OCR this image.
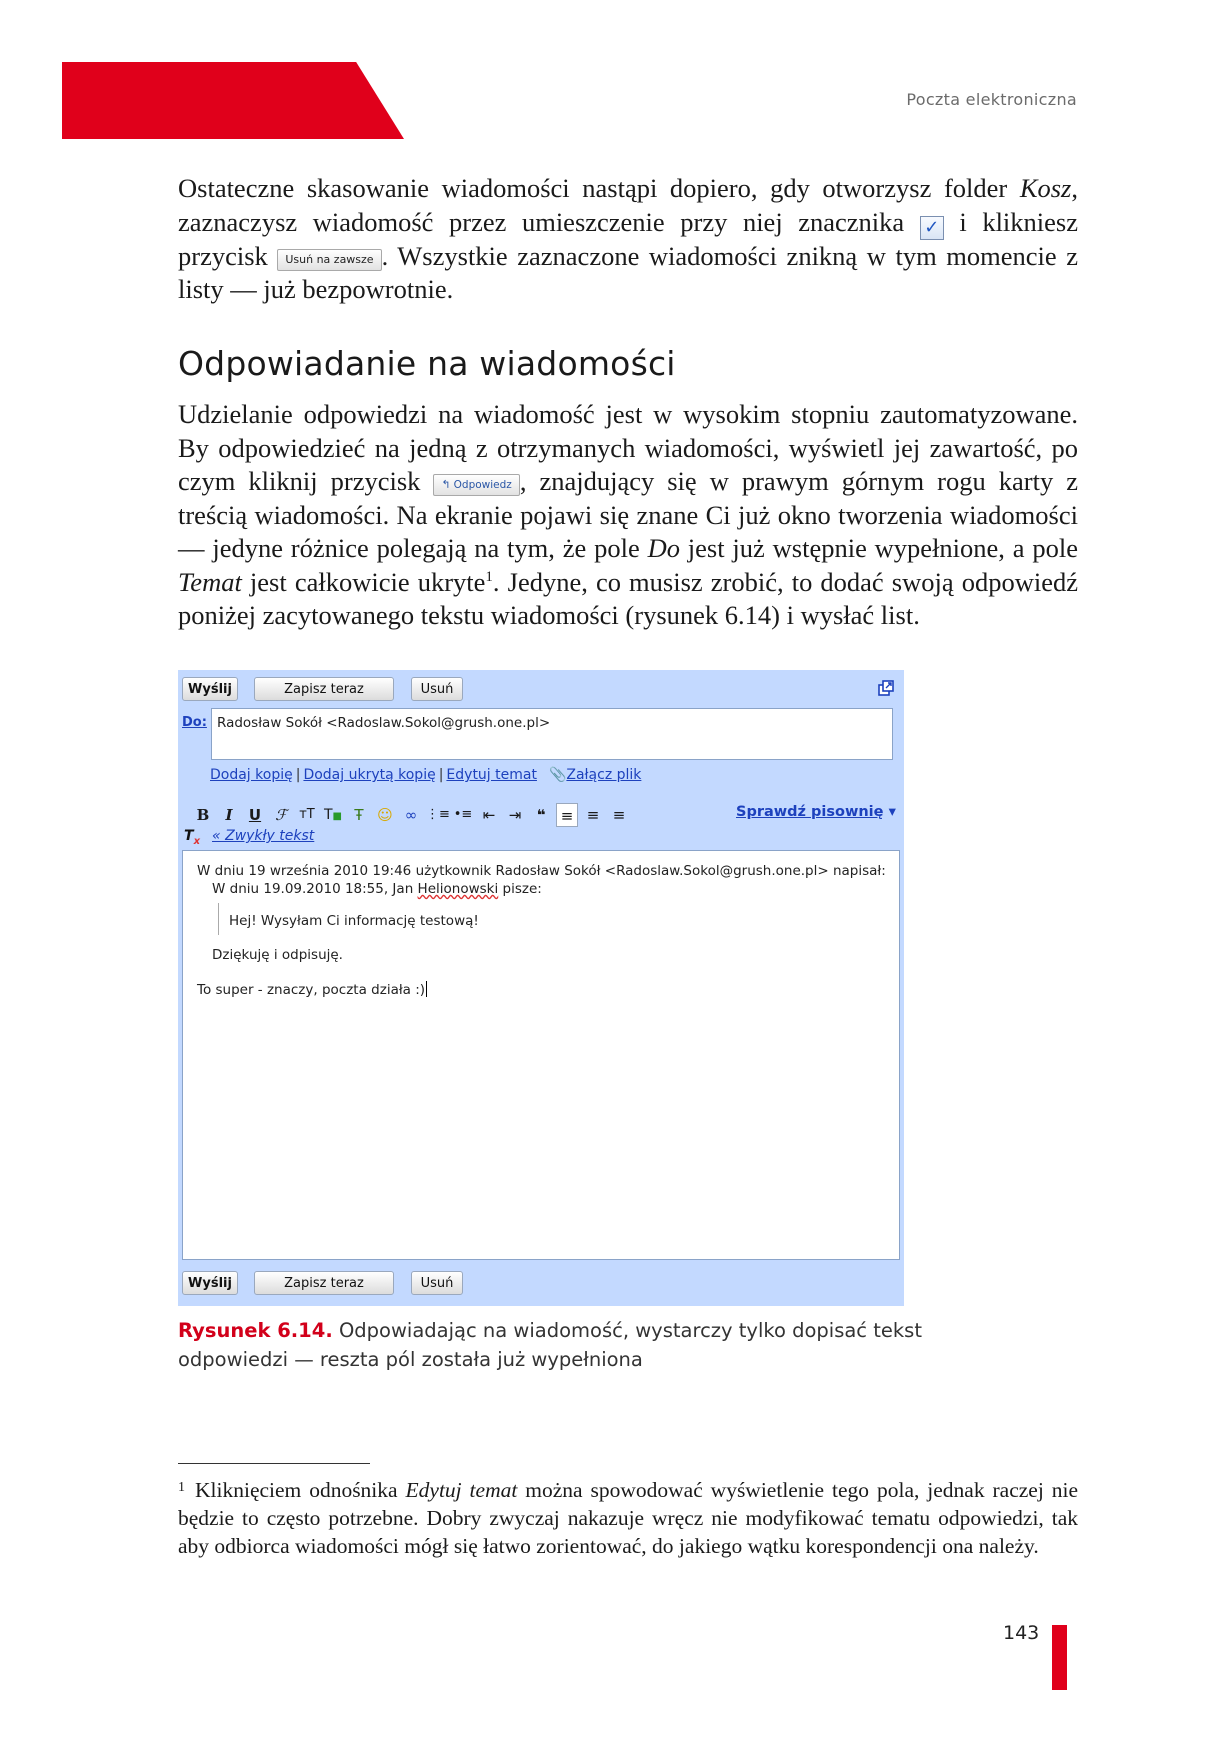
Poczta elektroniczna

Ostateczne skasowanie wiadomości nastąpi dopiero, gdy otworzysz folder Kosz, zaznaczysz wiadomość przez umieszczenie przy niej znacznika ✓ i klikniesz przycisk Usuń na zawsze . Wszystkie zaznaczone wiadomości znikną w tym momencie z listy — już bezpowrotnie.

Odpowiadanie na wiadomości

Udzielanie odpowiedzi na wiadomość jest w wysokim stopniu zautomatyzowane. By odpowiedzieć na jedną z otrzymanych wiadomości, wyświetl jej zawartość, po czym kliknij przycisk ↰ Odpowiedz , znajdujący się w prawym górnym rogu karty z treścią wiadomości. Na ekranie pojawi się znane Ci już okno tworzenia wiadomości — jedyne różnice polegają na tym, że pole Do jest już wstępnie wypełnione, a pole Temat jest całkowicie ukryte$^1$. Jedyne, co musisz zrobić, to dodać swoją odpowiedź poniżej zacytowanego tekstu wiadomości (rysunek 6.14) i wysłać list.

Wyślij	Zapisz teraz	Usuń
Do: Radosław Sokół <Radoslaw.Sokol@grush.one.pl>
Dodaj kopię | Dodaj ukrytą kopię | Edytuj temat 📎Załącz plik
B	I	U ℱ тT T■ Ŧ ☺ ∞ ⋮≡ •≡ ⇤ ⇥	❝	≡ ≡ ≡	Sprawdź pisownię ▾
$T_x$ « Zwykły tekst
W dniu 19 września 2010 19:46 użytkownik Radosław Sokół <Radoslaw.Sokol@grush.one.pl> napisał:
W dniu 19.09.2010 18:55, Jan Helionowski pisze:
Hej! Wysyłam Ci informację testową!
Dziękuję i odpisuję.
To super - znaczy, poczta działa :)
Wyślij	Zapisz teraz	Usuń
Rysunek 6.14. Odpowiadając na wiadomość, wystarczy tylko dopisać tekst odpowiedzi — reszta pól została już wypełniona

$^1$ Kliknięciem odnośnika Edytuj temat można spowodować wyświetlenie tego pola, jednak raczej nie będzie to często potrzebne. Dobry zwyczaj nakazuje wręcz nie modyfikować tematu odpowiedzi, tak aby odbiorca wiadomości mógł się łatwo zorientować, do jakiego wątku korespondencji ona należy.

143
